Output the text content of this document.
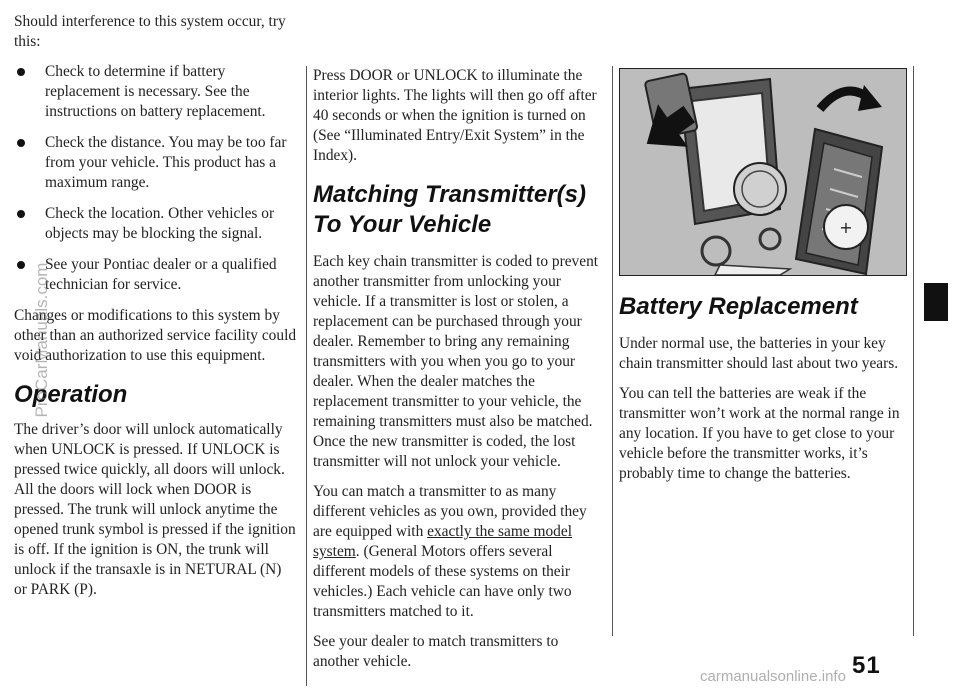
Should interference to this system occur, try this:

Check to determine if battery replacement is necessary. See the instructions on battery replacement.
Check the distance. You may be too far from your vehicle. This product has a maximum range.
Check the location. Other vehicles or objects may be blocking the signal.
See your Pontiac dealer or a qualified technician for service.

Changes or modifications to this system by other than an authorized service facility could void authorization to use this equipment.

Operation

The driver’s door will unlock automatically when UNLOCK is pressed. If UNLOCK is pressed twice quickly, all doors will unlock. All the doors will lock when DOOR is pressed. The trunk will unlock anytime the opened trunk symbol is pressed if the ignition is off. If the ignition is ON, the trunk will unlock if the transaxle is in NETURAL (N) or PARK (P).

Press DOOR or UNLOCK to illuminate the interior lights. The lights will then go off after 40 seconds or when the ignition is turned on (See “Illuminated Entry/Exit System” in the Index).

Matching Transmitter(s) To Your Vehicle

Each key chain transmitter is coded to prevent another transmitter from unlocking your vehicle. If a transmitter is lost or stolen, a replacement can be purchased through your dealer. Remember to bring any remaining transmitters with you when you go to your dealer. When the dealer matches the replacement transmitter to your vehicle, the remaining transmitters must also be matched. Once the new transmitter is coded, the lost transmitter will not unlock your vehicle.

You can match a transmitter to as many different vehicles as you own, provided they are equipped with exactly the same model system. (General Motors offers several different models of these systems on their vehicles.) Each vehicle can have only two transmitters matched to it.

See your dealer to match transmitters to another vehicle.

+
Battery Replacement

Under normal use, the batteries in your key chain transmitter should last about two years.

You can tell the batteries are weak if the transmitter won’t work at the normal range in any location. If you have to get close to your vehicle before the transmitter works, it’s probably time to change the batteries.

51
ProCarManuals.com
carmanualsonline.info
